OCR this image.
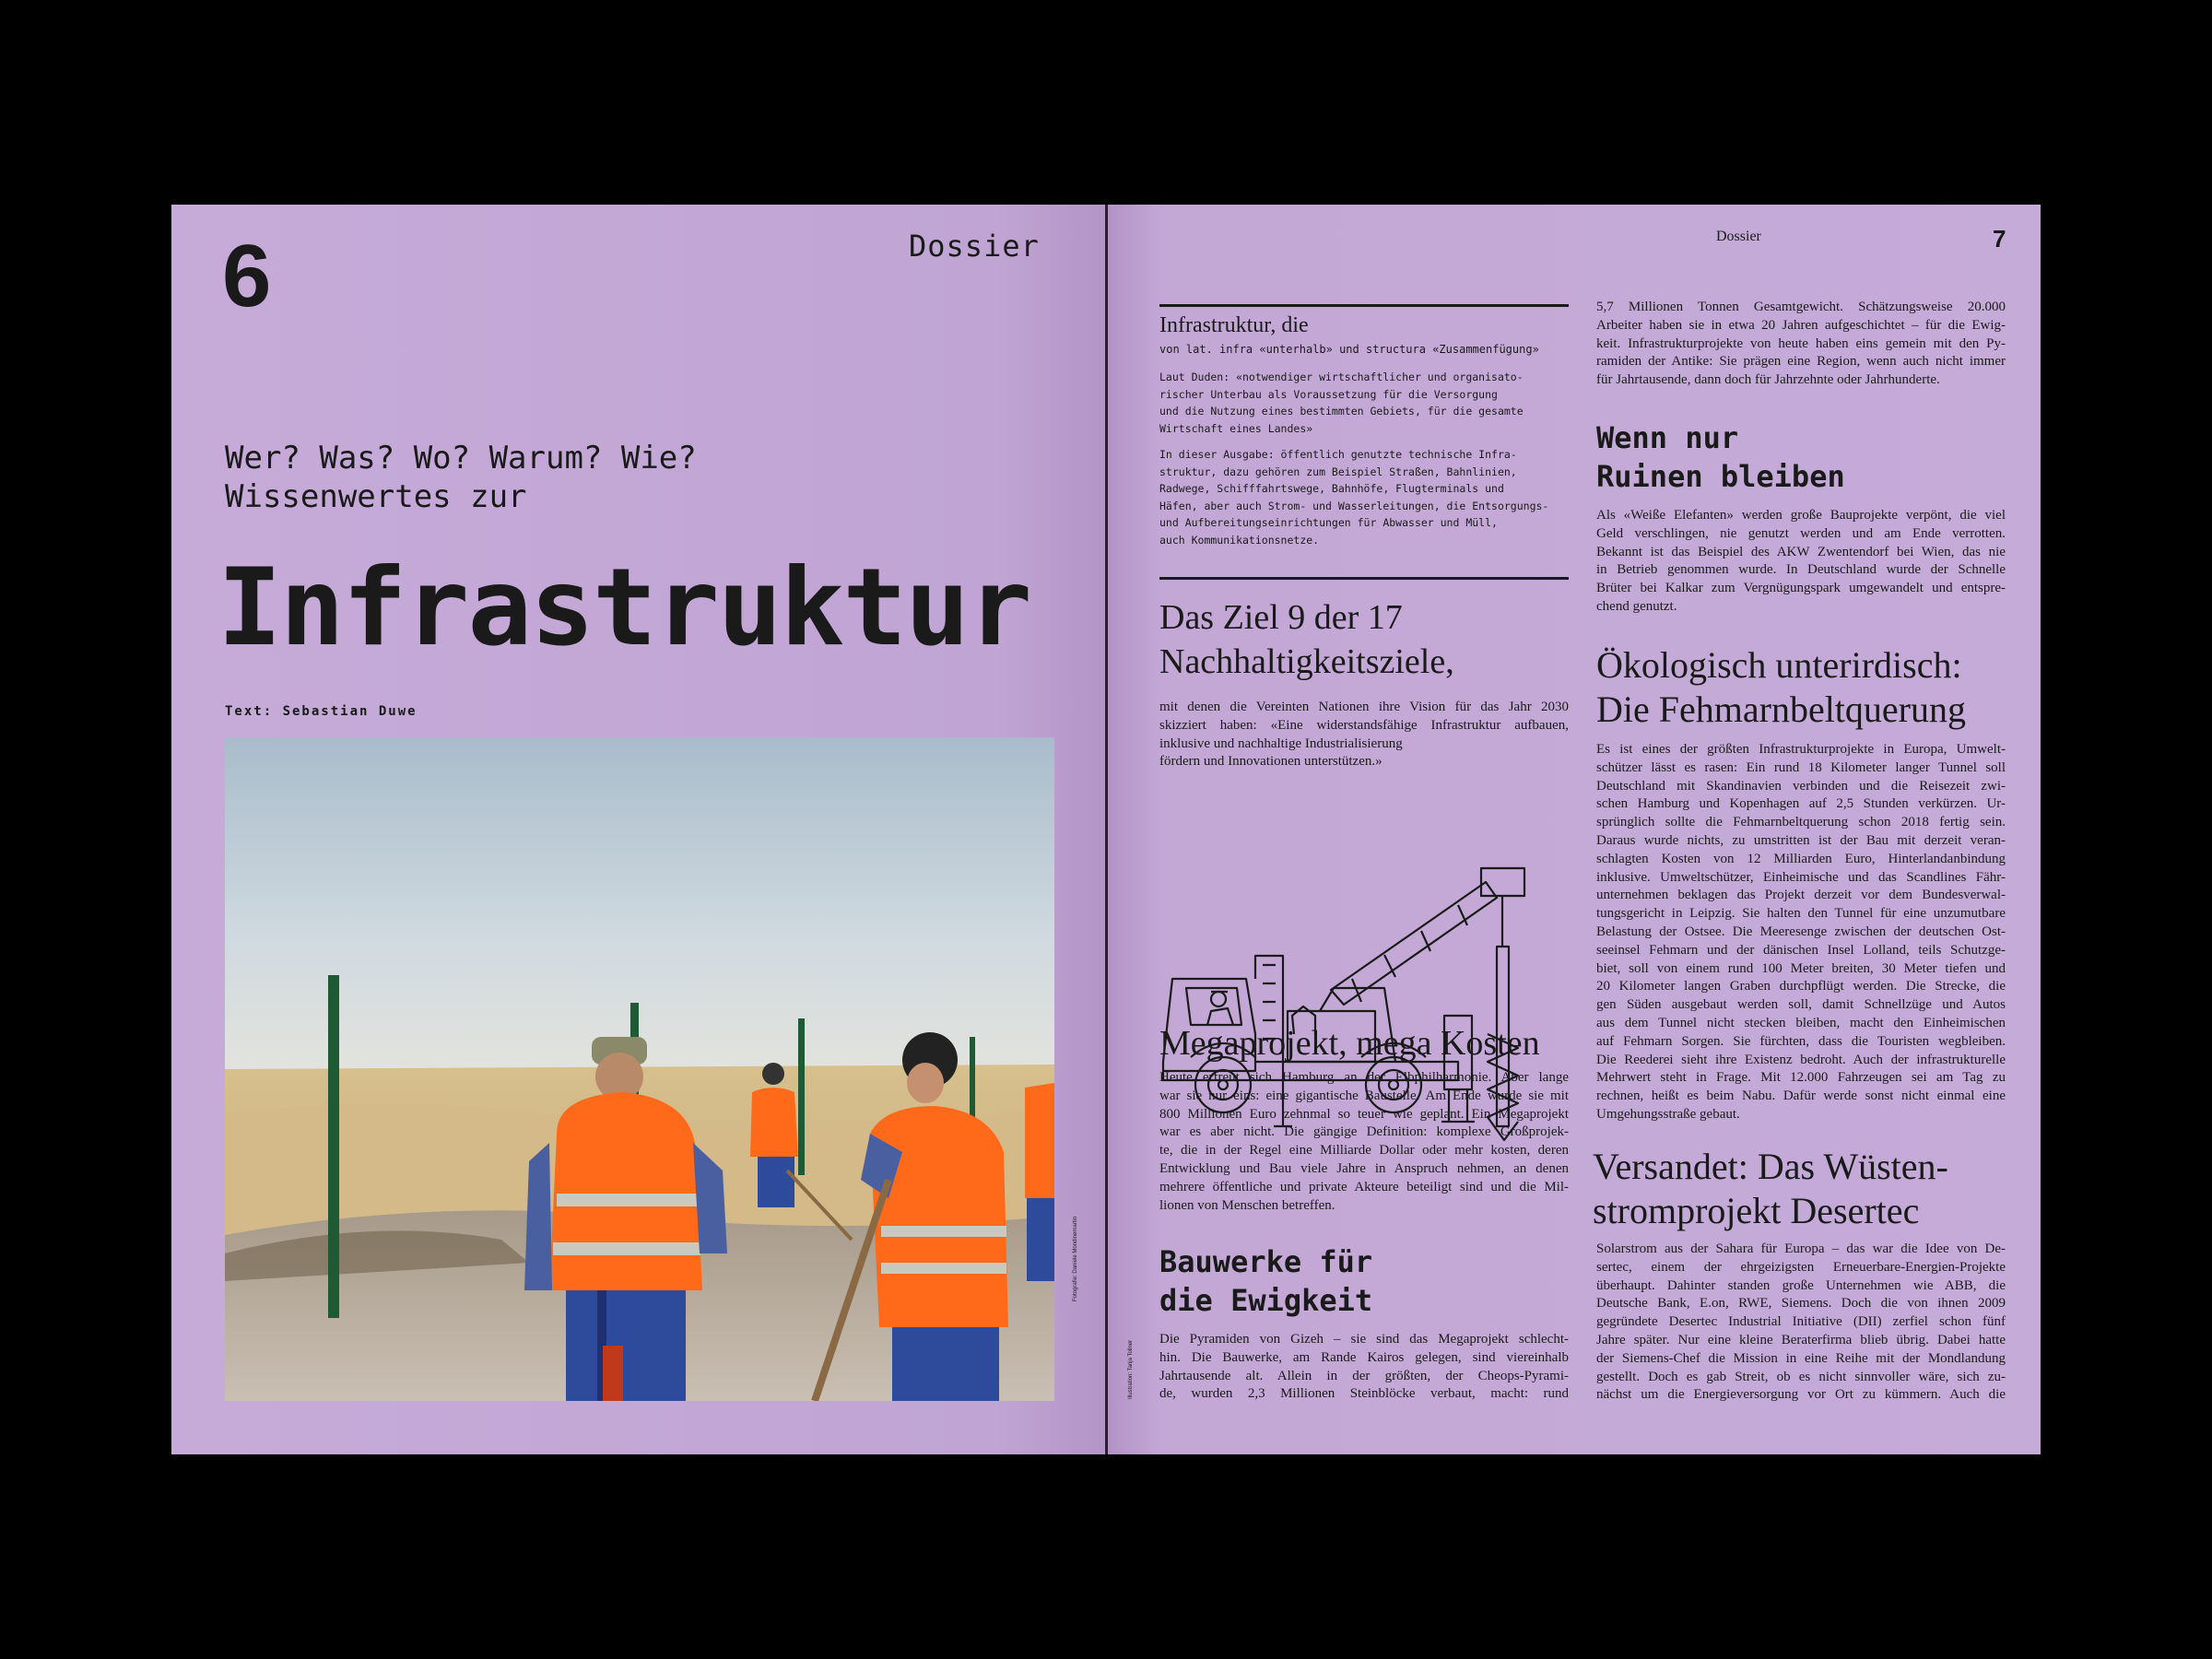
6	Dossier
Wer? Was? Wo? Warum? Wie?
Wissenwertes zur
Infrastruktur
Text: Sebastian Duwe
Fotografie: Daniele Mondinemartin
Dossier	7
Infrastruktur, die
von lat. infra «unterhalb» und structura «Zusammenfügung»
Laut Duden: «notwendiger wirtschaftlicher und organisato-
rischer Unterbau als Voraussetzung für die Versorgung
und die Nutzung eines bestimmten Gebiets, für die gesamte
Wirtschaft eines Landes»
In dieser Ausgabe: öffentlich genutzte technische Infra-
struktur, dazu gehören zum Beispiel Straßen, Bahnlinien,
Radwege, Schifffahrtswege, Bahnhöfe, Flugterminals und
Häfen, aber auch Strom- und Wasserleitungen, die Entsorgungs-
und Aufbereitungseinrichtungen für Abwasser und Müll,
auch Kommunikationsnetze.
Das Ziel 9 der 17
Nachhaltigkeitsziele,
mit denen die Vereinten Nationen ihre Vision für das Jahr 2030
skizziert haben: «Eine widerstandsfähige Infrastruktur aufbauen,
inklusive und nachhaltige Industrialisierung
fördern und Innovationen unterstützen.»
Megaprojekt, mega Kosten
Heute erfreut sich Hamburg an der Elbphilharmonie. Aber lange
war sie nur eins: eine gigantische Baustelle. Am Ende wurde sie mit
800 Millionen Euro zehnmal so teuer wie geplant. Ein Megaprojekt
war es aber nicht. Die gängige Definition: komplexe Großprojek-
te, die in der Regel eine Milliarde Dollar oder mehr kosten, deren
Entwicklung und Bau viele Jahre in Anspruch nehmen, an denen
mehrere öffentliche und private Akteure beteiligt sind und die Mil-
lionen von Menschen betreffen.
Bauwerke für
die Ewigkeit
Die Pyramiden von Gizeh – sie sind das Megaprojekt schlecht-
hin. Die Bauwerke, am Rande Kairos gelegen, sind viereinhalb
Jahrtausende alt. Allein in der größten, der Cheops-Pyrami-
de, wurden 2,3 Millionen Steinblöcke verbaut, macht: rund
Illustration: Tanja Tollner
5,7 Millionen Tonnen Gesamtgewicht. Schätzungsweise 20.000
Arbeiter haben sie in etwa 20 Jahren aufgeschichtet – für die Ewig-
keit. Infrastrukturprojekte von heute haben eins gemein mit den Py-
ramiden der Antike: Sie prägen eine Region, wenn auch nicht immer
für Jahrtausende, dann doch für Jahrzehnte oder Jahrhunderte.
Wenn nur
Ruinen bleiben
Als «Weiße Elefanten» werden große Bauprojekte verpönt, die viel
Geld verschlingen, nie genutzt werden und am Ende verrotten.
Bekannt ist das Beispiel des AKW Zwentendorf bei Wien, das nie
in Betrieb genommen wurde. In Deutschland wurde der Schnelle
Brüter bei Kalkar zum Vergnügungspark umgewandelt und entspre-
chend genutzt.
Ökologisch unterirdisch:
Die Fehmarnbeltquerung
Es ist eines der größten Infrastrukturprojekte in Europa, Umwelt-
schützer lässt es rasen: Ein rund 18 Kilometer langer Tunnel soll
Deutschland mit Skandinavien verbinden und die Reisezeit zwi-
schen Hamburg und Kopenhagen auf 2,5 Stunden verkürzen. Ur-
sprünglich sollte die Fehmarnbeltquerung schon 2018 fertig sein.
Daraus wurde nichts, zu umstritten ist der Bau mit derzeit veran-
schlagten Kosten von 12 Milliarden Euro, Hinterlandanbindung
inklusive. Umweltschützer, Einheimische und das Scandlines Fähr-
unternehmen beklagen das Projekt derzeit vor dem Bundesverwal-
tungsgericht in Leipzig. Sie halten den Tunnel für eine unzumutbare
Belastung der Ostsee. Die Meeresenge zwischen der deutschen Ost-
seeinsel Fehmarn und der dänischen Insel Lolland, teils Schutzge-
biet, soll von einem rund 100 Meter breiten, 30 Meter tiefen und
20 Kilometer langen Graben durchpflügt werden. Die Strecke, die
gen Süden ausgebaut werden soll, damit Schnellzüge und Autos
aus dem Tunnel nicht stecken bleiben, macht den Einheimischen
auf Fehmarn Sorgen. Sie fürchten, dass die Touristen wegbleiben.
Die Reederei sieht ihre Existenz bedroht. Auch der infrastrukturelle
Mehrwert steht in Frage. Mit 12.000 Fahrzeugen sei am Tag zu
rechnen, heißt es beim Nabu. Dafür werde sonst nicht einmal eine
Umgehungsstraße gebaut.
Versandet: Das Wüsten-
stromprojekt Desertec
Solarstrom aus der Sahara für Europa – das war die Idee von De-
sertec, einem der ehrgeizigsten Erneuerbare-Energien-Projekte
überhaupt. Dahinter standen große Unternehmen wie ABB, die
Deutsche Bank, E.on, RWE, Siemens. Doch die von ihnen 2009
gegründete Desertec Industrial Initiative (DII) zerfiel schon fünf
Jahre später. Nur eine kleine Beraterfirma blieb übrig. Dabei hatte
der Siemens-Chef die Mission in eine Reihe mit der Mondlandung
gestellt. Doch es gab Streit, ob es nicht sinnvoller wäre, sich zu-
nächst um die Energieversorgung vor Ort zu kümmern. Auch die
